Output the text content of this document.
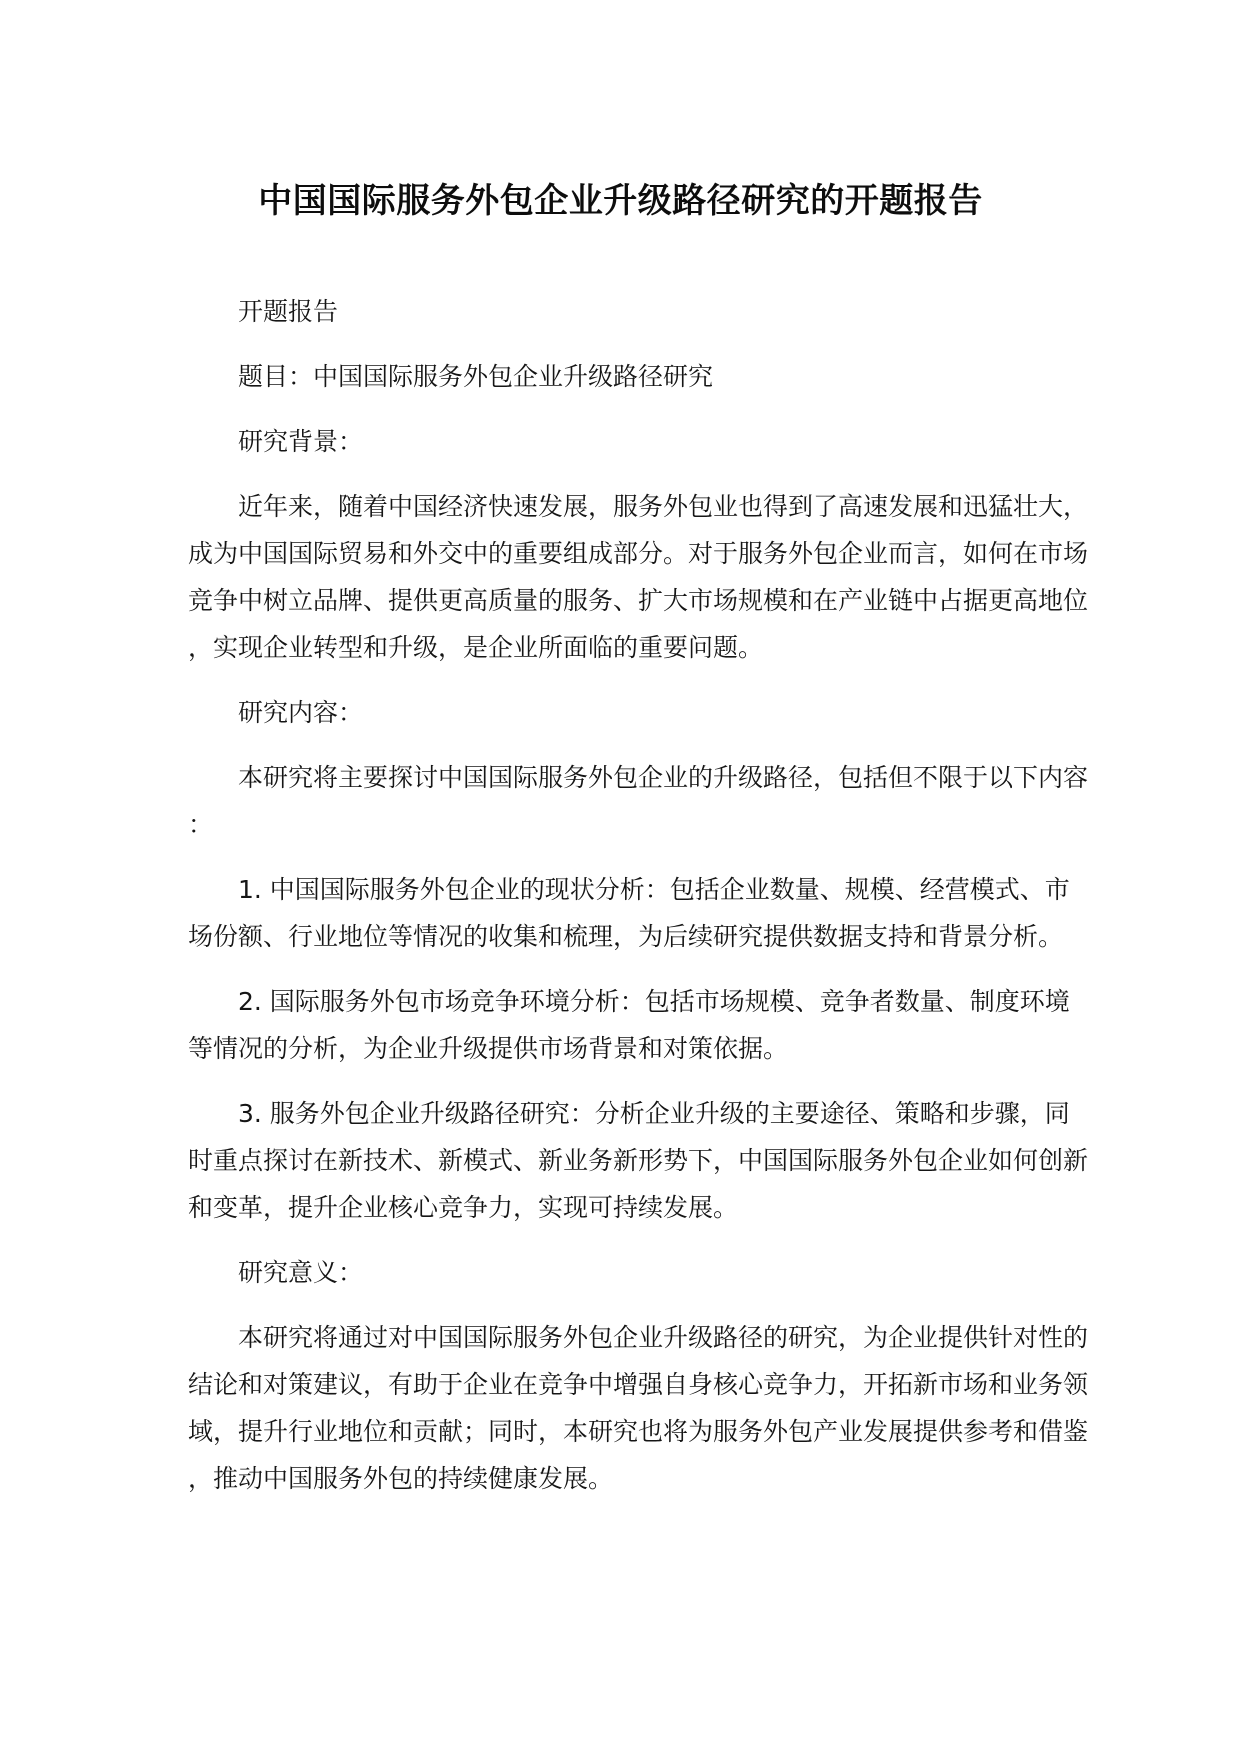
中国国际服务外包企业升级路径研究的开题报告

开题报告

题目：中国国际服务外包企业升级路径研究

研究背景：

近年来，随着中国经济快速发展，服务外包业也得到了高速发展和迅猛壮大，成为中国国际贸易和外交中的重要组成部分。对于服务外包企业而言，如何在市场竞争中树立品牌、提供更高质量的服务、扩大市场规模和在产业链中占据更高地位，实现企业转型和升级，是企业所面临的重要问题。

研究内容：

本研究将主要探讨中国国际服务外包企业的升级路径，包括但不限于以下内容：

1. 中国国际服务外包企业的现状分析：包括企业数量、规模、经营模式、市场份额、行业地位等情况的收集和梳理，为后续研究提供数据支持和背景分析。

2. 国际服务外包市场竞争环境分析：包括市场规模、竞争者数量、制度环境等情况的分析，为企业升级提供市场背景和对策依据。

3. 服务外包企业升级路径研究：分析企业升级的主要途径、策略和步骤，同时重点探讨在新技术、新模式、新业务新形势下，中国国际服务外包企业如何创新和变革，提升企业核心竞争力，实现可持续发展。

研究意义：

本研究将通过对中国国际服务外包企业升级路径的研究，为企业提供针对性的结论和对策建议，有助于企业在竞争中增强自身核心竞争力，开拓新市场和业务领域，提升行业地位和贡献；同时，本研究也将为服务外包产业发展提供参考和借鉴，推动中国服务外包的持续健康发展。
